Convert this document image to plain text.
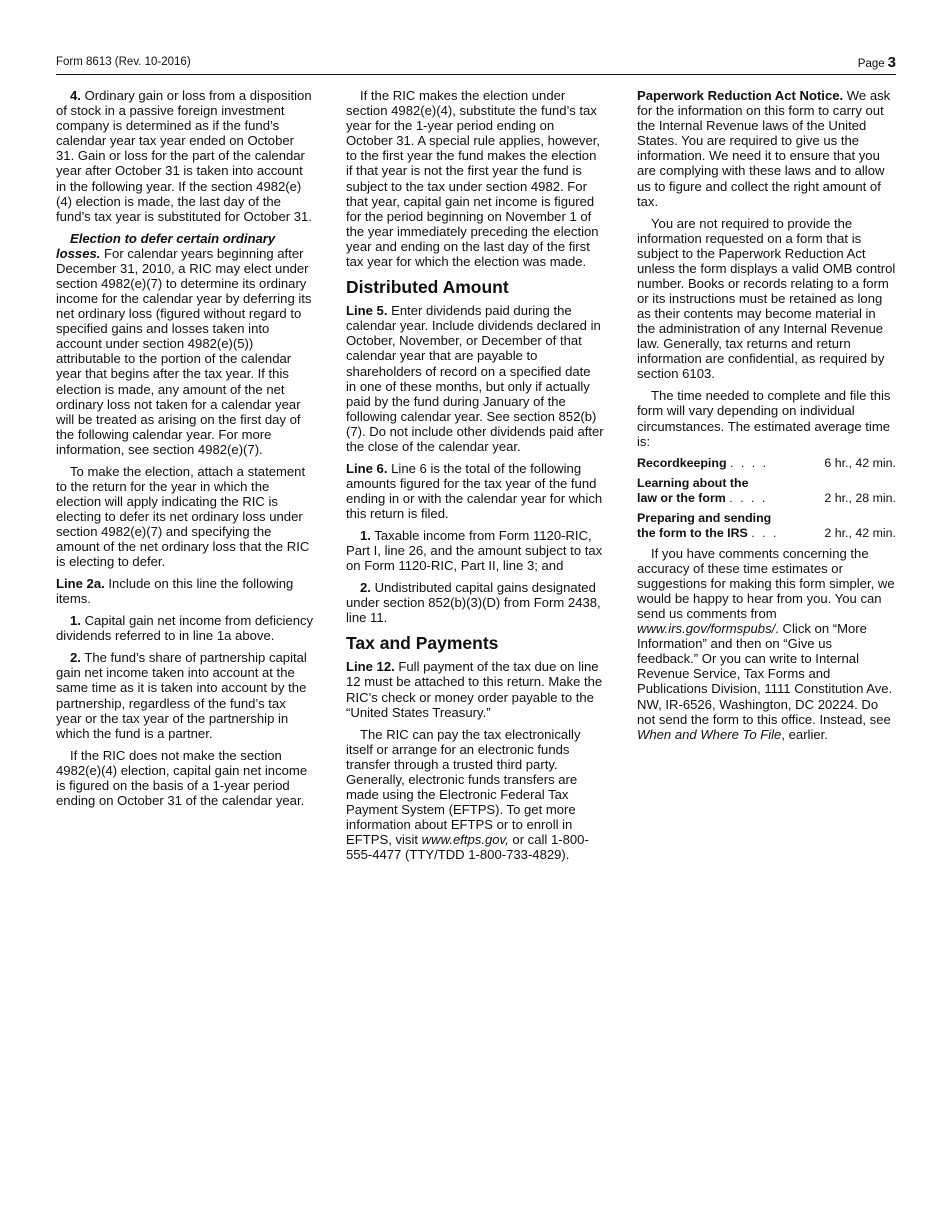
Form 8613 (Rev. 10-2016)	Page 3

4. Ordinary gain or loss from a disposition of stock in a passive foreign investment company is determined as if the fund’s calendar year tax year ended on October 31. Gain or loss for the part of the calendar year after October 31 is taken into account in the following year. If the section 4982(e)(4) election is made, the last day of the fund’s tax year is substituted for October 31.

Election to defer certain ordinary losses. For calendar years beginning after December 31, 2010, a RIC may elect under section 4982(e)(7) to determine its ordinary income for the calendar year by deferring its net ordinary loss (figured without regard to specified gains and losses taken into account under section 4982(e)(5)) attributable to the portion of the calendar year that begins after the tax year. If this election is made, any amount of the net ordinary loss not taken for a calendar year will be treated as arising on the first day of the following calendar year. For more information, see section 4982(e)(7).

To make the election, attach a statement to the return for the year in which the election will apply indicating the RIC is electing to defer its net ordinary loss under section 4982(e)(7) and specifying the amount of the net ordinary loss that the RIC is electing to defer.

Line 2a. Include on this line the following items.

1. Capital gain net income from deficiency dividends referred to in line 1a above.

2. The fund’s share of partnership capital gain net income taken into account at the same time as it is taken into account by the partnership, regardless of the fund’s tax year or the tax year of the partnership in which the fund is a partner.

If the RIC does not make the section 4982(e)(4) election, capital gain net income is figured on the basis of a 1-year period ending on October 31 of the calendar year.

If the RIC makes the election under section 4982(e)(4), substitute the fund’s tax year for the 1-year period ending on October 31. A special rule applies, however, to the first year the fund makes the election if that year is not the first year the fund is subject to the tax under section 4982. For that year, capital gain net income is figured for the period beginning on November 1 of the year immediately preceding the election year and ending on the last day of the first tax year for which the election was made.

Distributed Amount

Line 5. Enter dividends paid during the calendar year. Include dividends declared in October, November, or December of that calendar year that are payable to shareholders of record on a specified date in one of these months, but only if actually paid by the fund during January of the following calendar year. See section 852(b)(7). Do not include other dividends paid after the close of the calendar year.

Line 6. Line 6 is the total of the following amounts figured for the tax year of the fund ending in or with the calendar year for which this return is filed.

1. Taxable income from Form 1120-RIC, Part I, line 26, and the amount subject to tax on Form 1120-RIC, Part II, line 3; and

2. Undistributed capital gains designated under section 852(b)(3)(D) from Form 2438, line 11.

Tax and Payments

Line 12. Full payment of the tax due on line 12 must be attached to this return. Make the RIC’s check or money order payable to the “United States Treasury.”

The RIC can pay the tax electronically itself or arrange for an electronic funds transfer through a trusted third party. Generally, electronic funds transfers are made using the Electronic Federal Tax Payment System (EFTPS). To get more information about EFTPS or to enroll in EFTPS, visit www.eftps.gov, or call 1-800-555-4477 (TTY/TDD 1-800-733-4829).

Paperwork Reduction Act Notice. We ask for the information on this form to carry out the Internal Revenue laws of the United States. You are required to give us the information. We need it to ensure that you are complying with these laws and to allow us to figure and collect the right amount of tax.

You are not required to provide the information requested on a form that is subject to the Paperwork Reduction Act unless the form displays a valid OMB control number. Books or records relating to a form or its instructions must be retained as long as their contents may become material in the administration of any Internal Revenue law. Generally, tax returns and return information are confidential, as required by section 6103.

The time needed to complete and file this form will vary depending on individual circumstances. The estimated average time is:

Recordkeeping . . . .	6 hr., 42 min.
Learning about the
law or the form . . . .	2 hr., 28 min.
Preparing and sending
the form to the IRS . . .	2 hr., 42 min.

If you have comments concerning the accuracy of these time estimates or suggestions for making this form simpler, we would be happy to hear from you. You can send us comments from www.irs.gov/formspubs/. Click on “More Information” and then on “Give us feedback.” Or you can write to Internal Revenue Service, Tax Forms and Publications Division, 1111 Constitution Ave. NW, IR-6526, Washington, DC 20224. Do not send the form to this office. Instead, see When and Where To File, earlier.
